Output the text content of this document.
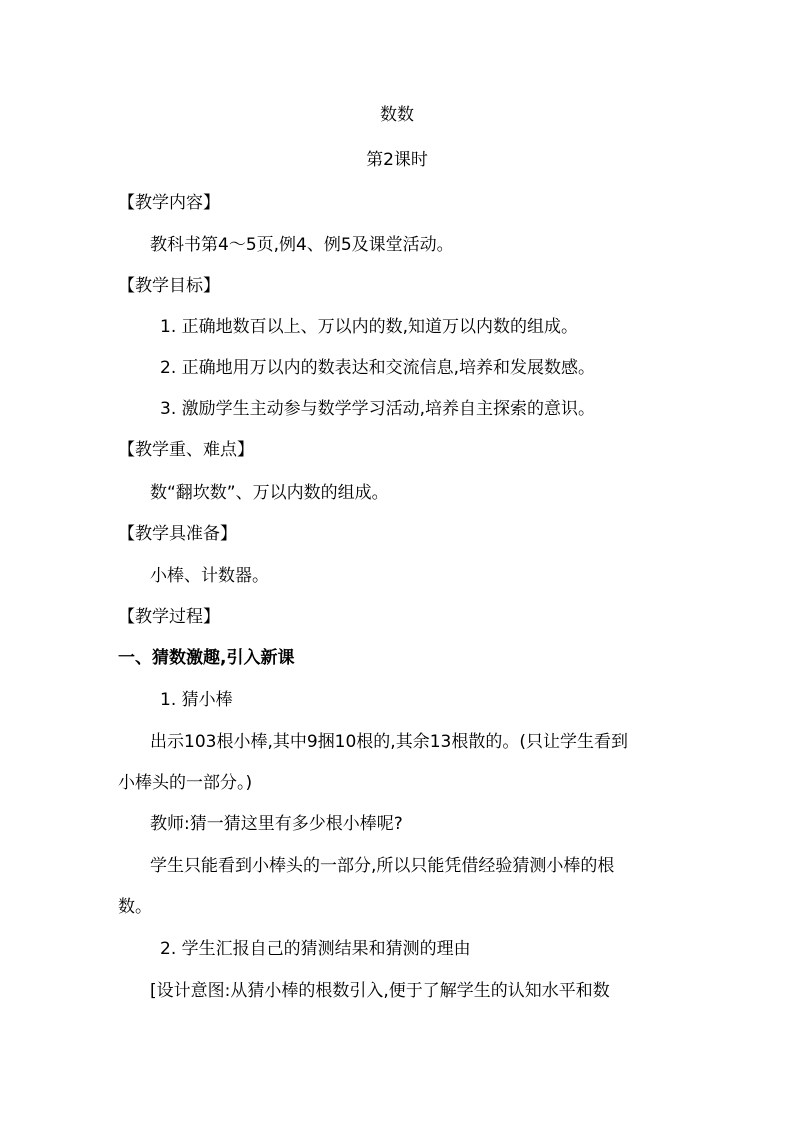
数数
第2课时
【教学内容】
教科书第4～5页,例4、例5及课堂活动。
【教学目标】
1. 正确地数百以上、万以内的数,知道万以内数的组成。
2. 正确地用万以内的数表达和交流信息,培养和发展数感。
3. 激励学生主动参与数学学习活动,培养自主探索的意识。
【教学重、难点】
数“翻坎数”、万以内数的组成。
【教学具准备】
小棒、计数器。
【教学过程】
一、猜数激趣,引入新课
1. 猜小棒
出示103根小棒,其中9捆10根的,其余13根散的。(只让学生看到
小棒头的一部分。)
教师:猜一猜这里有多少根小棒呢?
学生只能看到小棒头的一部分,所以只能凭借经验猜测小棒的根
数。
2. 学生汇报自己的猜测结果和猜测的理由
[设计意图:从猜小棒的根数引入,便于了解学生的认知水平和数
